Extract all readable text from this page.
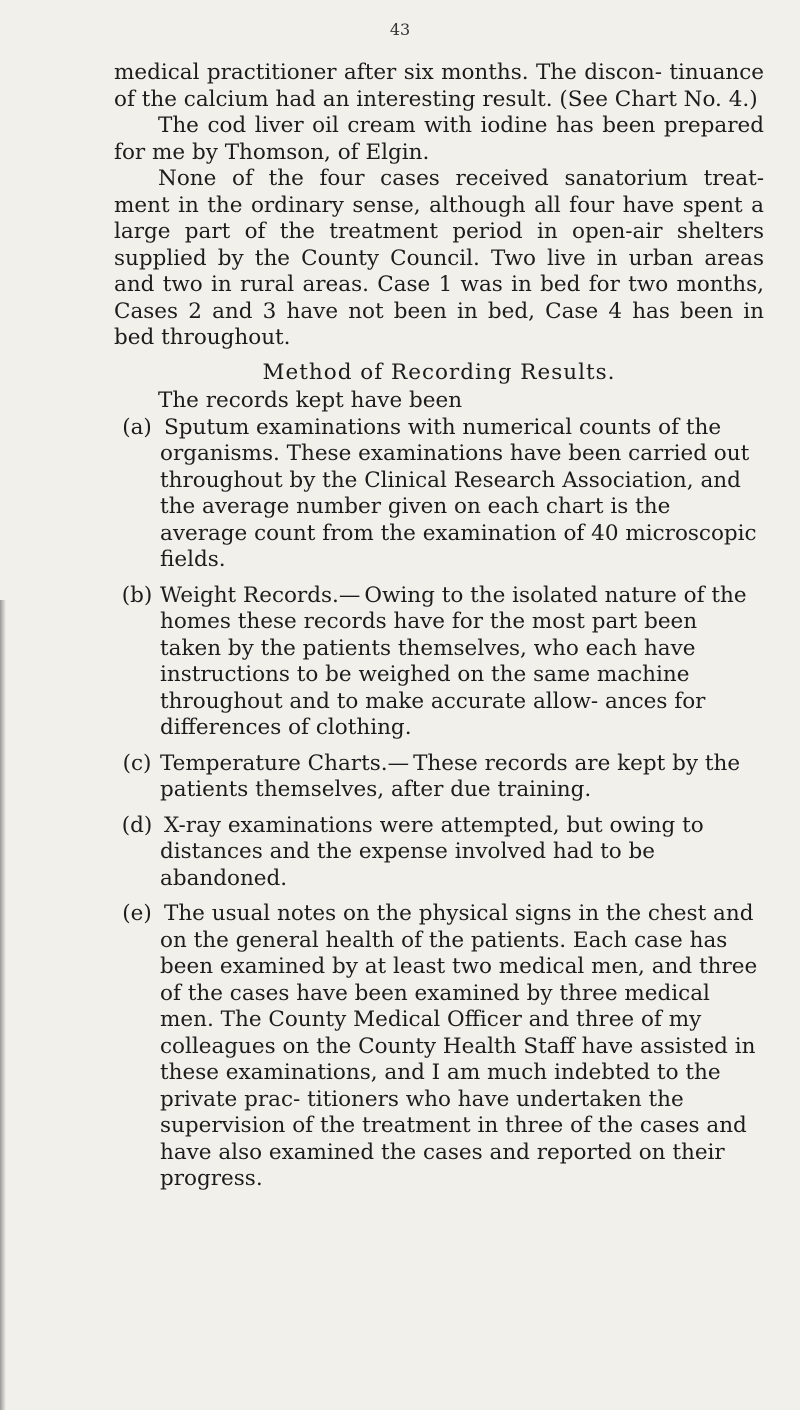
43

medical practitioner after six months. The discon- tinuance of the calcium had an interesting result. (See Chart No. 4.)

The cod liver oil cream with iodine has been prepared for me by Thomson, of Elgin.

None of the four cases received sanatorium treat- ment in the ordinary sense, although all four have spent a large part of the treatment period in open-air shelters supplied by the County Council. Two live in urban areas and two in rural areas. Case 1 was in bed for two months, Cases 2 and 3 have not been in bed, Case 4 has been in bed throughout.

Method of Recording Results.

The records kept have been

(a) Sputum examinations with numerical counts of the organisms. These examinations have been carried out throughout by the Clinical Research Association, and the average number given on each chart is the average count from the examination of 40 microscopic fields.
(b) Weight Records.— Owing to the isolated nature of the homes these records have for the most part been taken by the patients themselves, who each have instructions to be weighed on the same machine throughout and to make accurate allow- ances for differences of clothing.
(c) Temperature Charts.— These records are kept by the patients themselves, after due training.
(d) X-ray examinations were attempted, but owing to distances and the expense involved had to be abandoned.
(e) The usual notes on the physical signs in the chest and on the general health of the patients. Each case has been examined by at least two medical men, and three of the cases have been examined by three medical men. The County Medical Officer and three of my colleagues on the County Health Staff have assisted in these examinations, and I am much indebted to the private prac- titioners who have undertaken the supervision of the treatment in three of the cases and have also examined the cases and reported on their progress.
